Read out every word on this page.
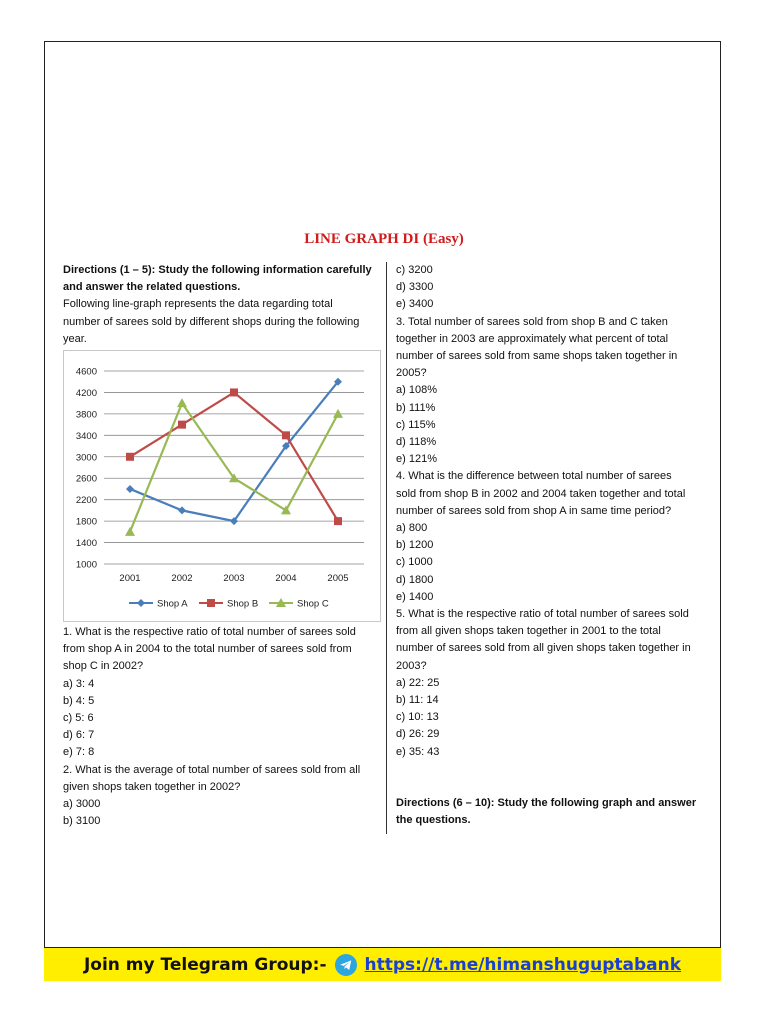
LINE GRAPH DI (Easy)
Directions (1 – 5): Study the following information carefully
and answer the related questions.
Following line-graph represents the data regarding total
number of sarees sold by different shops during the following
year.
1000
1400
1800
2200
2600
3000
3400
3800
4200
4600
2001	2002	2003	2004	2005
Shop A	Shop B	Shop C
1. What is the respective ratio of total number of sarees sold
from shop A in 2004 to the total number of sarees sold from
shop C in 2002?
a) 3: 4
b) 4: 5
c) 5: 6
d) 6: 7
e) 7: 8
2. What is the average of total number of sarees sold from all
given shops taken together in 2002?
a) 3000
b) 3100
c) 3200
d) 3300
e) 3400
3. Total number of sarees sold from shop B and C taken
together in 2003 are approximately what percent of total
number of sarees sold from same shops taken together in
2005?
a) 108%
b) 111%
c) 115%
d) 118%
e) 121%
4. What is the difference between total number of sarees
sold from shop B in 2002 and 2004 taken together and total
number of sarees sold from shop A in same time period?
a) 800
b) 1200
c) 1000
d) 1800
e) 1400
5. What is the respective ratio of total number of sarees sold
from all given shops taken together in 2001 to the total
number of sarees sold from all given shops taken together in
2003?
a) 22: 25
b) 11: 14
c) 10: 13
d) 26: 29
e) 35: 43
Directions (6 – 10): Study the following graph and answer
the questions.
Join my Telegram Group:- https://t.me/himanshuguptabank
